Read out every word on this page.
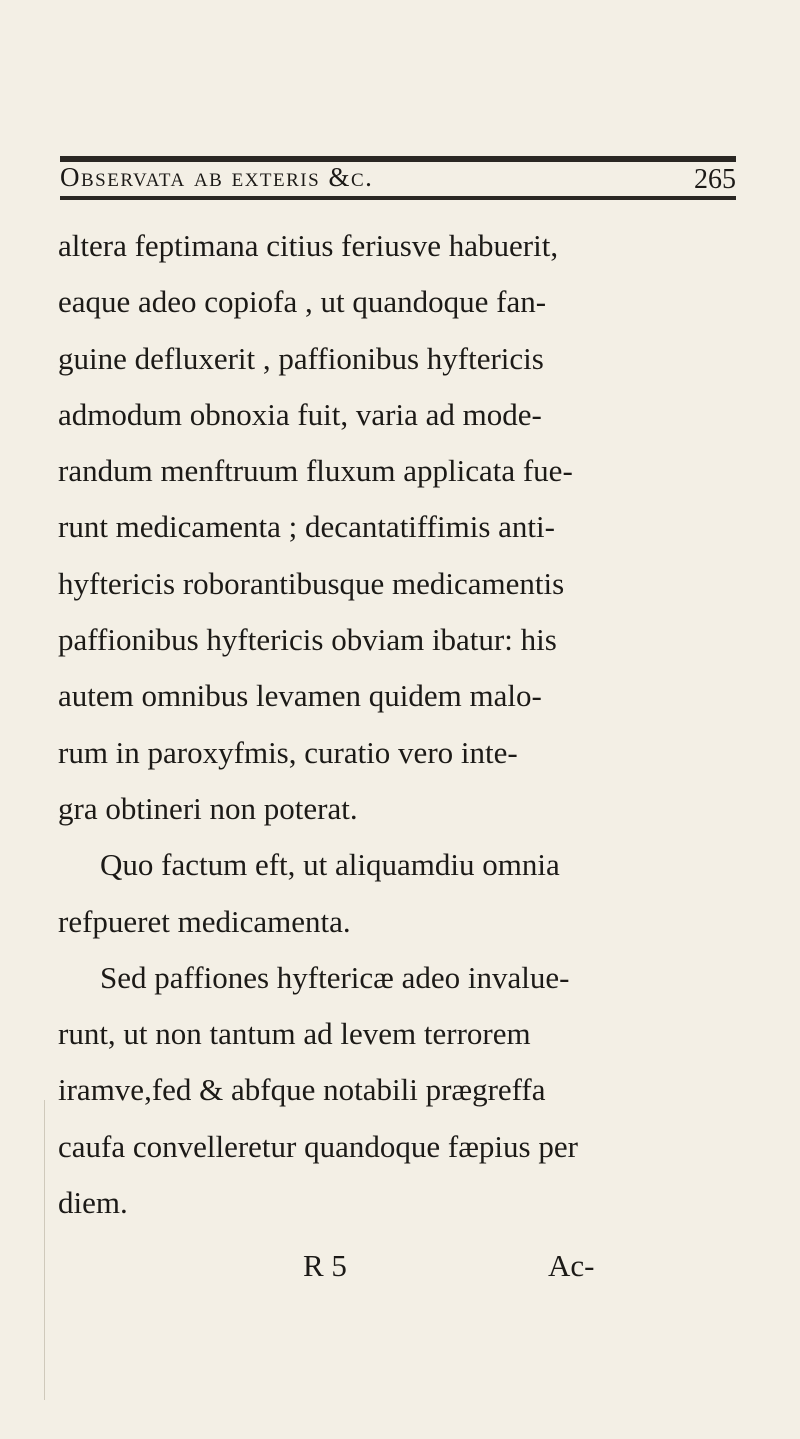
Observata ab exteris &c.	265
altera feptimana citius feriusve habuerit,
eaque adeo copiofa , ut quandoque fan-
guine defluxerit , paffionibus hyftericis
admodum obnoxia fuit, varia ad mode-
randum menftruum fluxum applicata fue-
runt medicamenta ; decantatiffimis anti-
hyftericis roborantibusque medicamentis
paffionibus hyftericis obviam ibatur: his
autem omnibus levamen quidem malo-
rum in paroxyfmis, curatio vero inte-
gra obtineri non poterat.
Quo factum eft, ut aliquamdiu omnia
refpueret medicamenta.
Sed paffiones hyftericæ adeo invalue-
runt, ut non tantum ad levem terrorem
iramve,fed & abfque notabili prægreffa
caufa convelleretur quandoque fæpius per
diem.
R 5	Ac-
